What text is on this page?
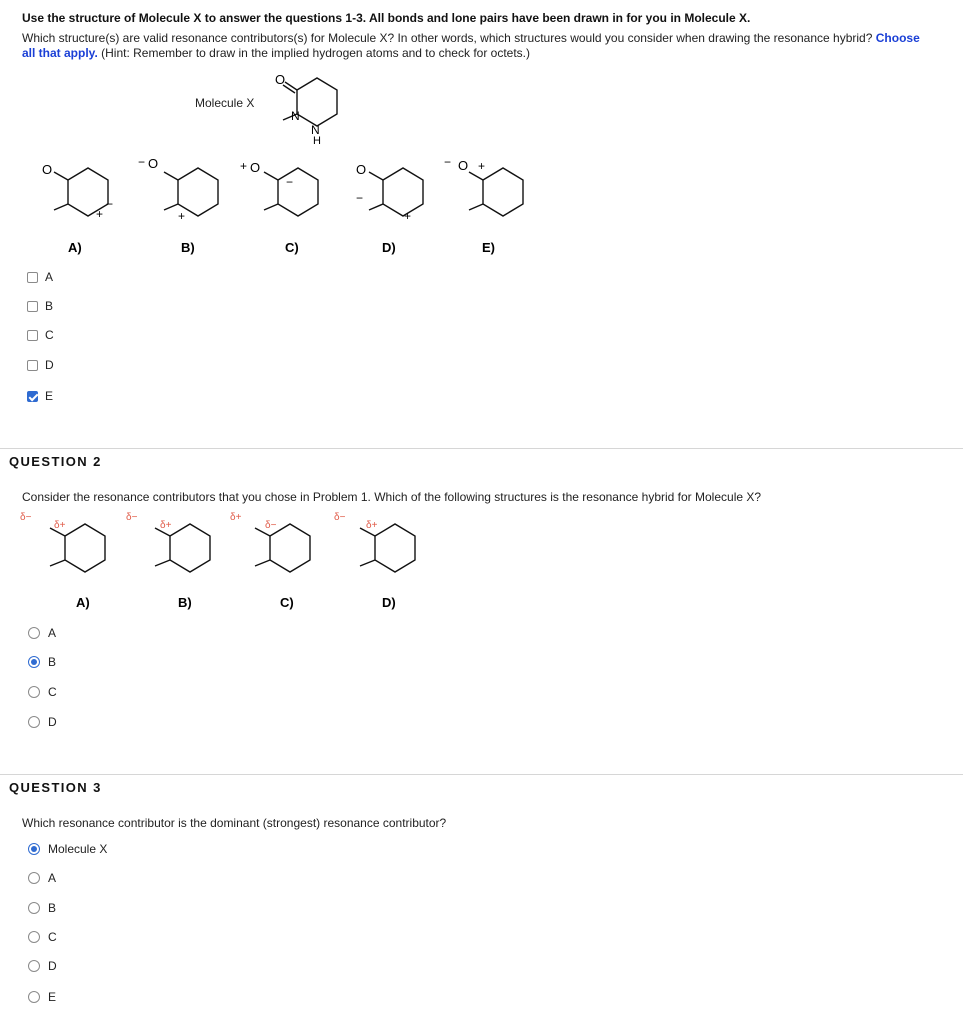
Use the structure of Molecule X to answer the questions 1-3. All bonds and lone pairs have been drawn in for you in Molecule X.
Which structure(s) are valid resonance contributors(s) for Molecule X? In other words, which structures would you consider when drawing the resonance hybrid? Choose all that apply. (Hint: Remember to draw in the implied hydrogen atoms and to check for octets.)
Molecule X
O
N
N
H
O	O	O	O	O
+
−
−
+
+
−
−
+
− +
A)	B)	C)	D)	E)
A
B
C
D
E
QUESTION 2
Consider the resonance contributors that you chose in Problem 1. Which of the following structures is the resonance hybrid for Molecule X?
δ−
δ+
δ−
δ+
δ+
δ−
δ−
δ+
A)	B)	C)	D)
A
B
C
D
QUESTION 3
Which resonance contributor is the dominant (strongest) resonance contributor?
Molecule X
A
B
C
D
E
